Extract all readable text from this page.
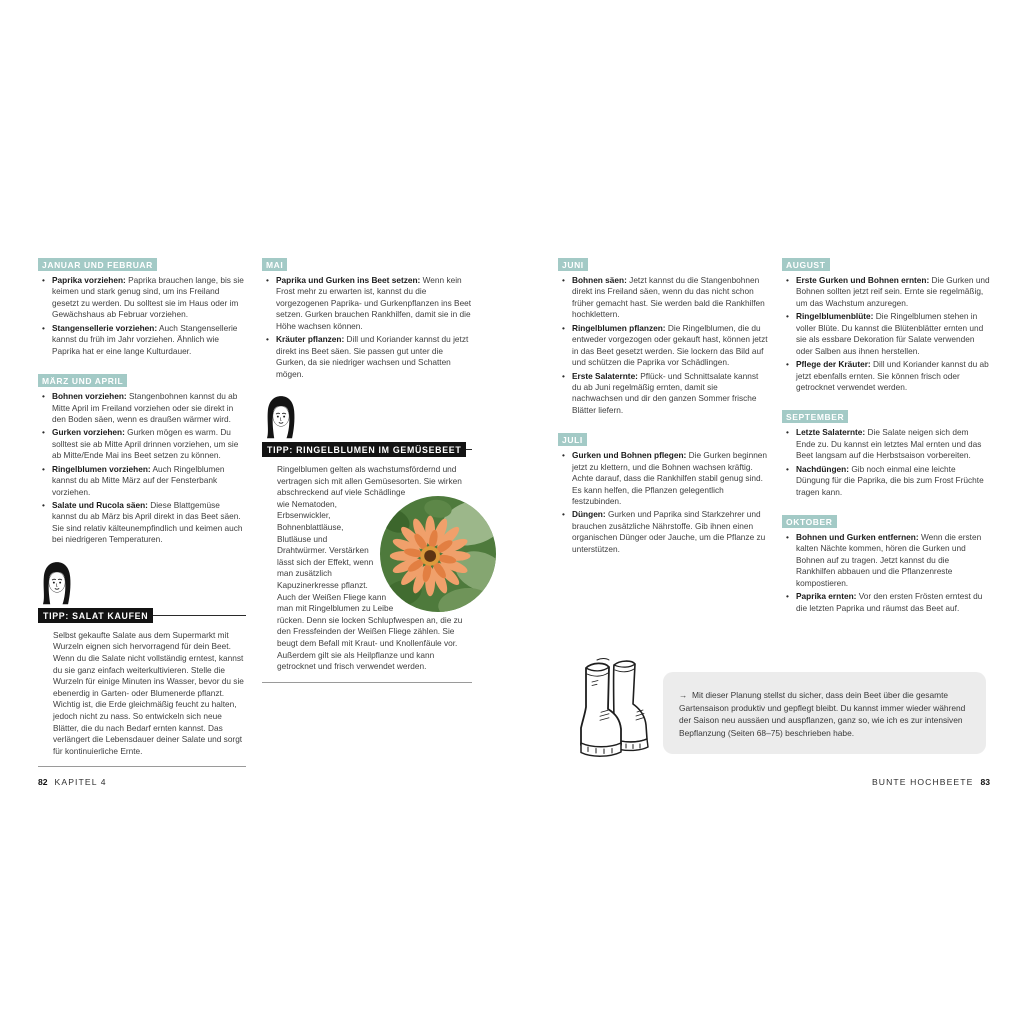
JANUAR UND FEBRUAR
• Paprika vorziehen: Paprika brauchen lange, bis sie keimen und stark genug sind, um ins Freiland gesetzt zu werden. Du solltest sie im Haus oder im Gewächshaus ab Februar vorziehen.
• Stangensellerie vorziehen: Auch Stangensellerie kannst du früh im Jahr vorziehen. Ähnlich wie Paprika hat er eine lange Kulturdauer.
MÄRZ UND APRIL
• Bohnen vorziehen: Stangenbohnen kannst du ab Mitte April im Freiland vorziehen oder sie direkt in den Boden säen, wenn es draußen wärmer wird.
• Gurken vorziehen: Gurken mögen es warm. Du solltest sie ab Mitte April drinnen vorziehen, um sie ab Mitte/Ende Mai ins Beet setzen zu können.
• Ringelblumen vorziehen: Auch Ringelblumen kannst du ab Mitte März auf der Fensterbank vorziehen.
• Salate und Rucola säen: Diese Blattgemüse kannst du ab März bis April direkt in das Beet säen. Sie sind relativ kälteunempfindlich und keimen auch bei niedrigeren Temperaturen.
TIPP: SALAT KAUFEN
Selbst gekaufte Salate aus dem Supermarkt mit Wurzeln eignen sich hervorragend für dein Beet. Wenn du die Salate nicht vollständig erntest, kannst du sie ganz einfach weiterkultivieren. Stelle die Wurzeln für einige Minuten ins Wasser, bevor du sie ebenerdig in Garten- oder Blumenerde pflanzt. Wichtig ist, die Erde gleichmäßig feucht zu halten, jedoch nicht zu nass. So entwickeln sich neue Blätter, die du nach Bedarf ernten kannst. Das verlängert die Lebensdauer deiner Salate und sorgt für kontinuierliche Ernte.
MAI
• Paprika und Gurken ins Beet setzen: Wenn kein Frost mehr zu erwarten ist, kannst du die vorgezogenen Paprika- und Gurkenpflanzen ins Beet setzen. Gurken brauchen Rankhilfen, damit sie in die Höhe wachsen können.
• Kräuter pflanzen: Dill und Koriander kannst du jetzt direkt ins Beet säen. Sie passen gut unter die Gurken, da sie niedriger wachsen und Schatten mögen.
TIPP: RINGELBLUMEN IM GEMÜSEBEET
Ringelblumen gelten als wachstumsfördernd und vertragen sich mit allen Gemüsesorten. Sie wirken abschreckend auf viele Schädlinge wie Nematoden, Erbsenwickler, Bohnenblattläuse, Blutläuse und Drahtwürmer. Verstärken lässt sich der Effekt, wenn man zusätzlich Kapuzinerkresse pflanzt. Auch der Weißen Fliege kann man mit Ringelblumen zu Leibe rücken. Denn sie locken Schlupfwespen an, die zu den Fressfeinden der Weißen Fliege zählen. Sie beugt dem Befall mit Kraut- und Knollenfäule vor. Außerdem gilt sie als Heilpflanze und kann getrocknet und frisch verwendet werden.
JUNI
• Bohnen säen: Jetzt kannst du die Stangenbohnen direkt ins Freiland säen, wenn du das nicht schon früher gemacht hast. Sie werden bald die Rankhilfen hochklettern.
• Ringelblumen pflanzen: Die Ringelblumen, die du entweder vorgezogen oder gekauft hast, können jetzt in das Beet gesetzt werden. Sie lockern das Bild auf und schützen die Paprika vor Schädlingen.
• Erste Salaternte: Pflück- und Schnittsalate kannst du ab Juni regelmäßig ernten, damit sie nachwachsen und dir den ganzen Sommer frische Blätter liefern.
JULI
• Gurken und Bohnen pflegen: Die Gurken beginnen jetzt zu klettern, und die Bohnen wachsen kräftig. Achte darauf, dass die Rankhilfen stabil genug sind. Es kann helfen, die Pflanzen gelegentlich festzubinden.
• Düngen: Gurken und Paprika sind Starkzehrer und brauchen zusätzliche Nährstoffe. Gib ihnen einen organischen Dünger oder Jauche, um die Pflanze zu unterstützen.
AUGUST
• Erste Gurken und Bohnen ernten: Die Gurken und Bohnen sollten jetzt reif sein. Ernte sie regelmäßig, um das Wachstum anzuregen.
• Ringelblumenblüte: Die Ringelblumen stehen in voller Blüte. Du kannst die Blütenblätter ernten und sie als essbare Dekoration für Salate verwenden oder Salben aus ihnen herstellen.
• Pflege der Kräuter: Dill und Koriander kannst du ab jetzt ebenfalls ernten. Sie können frisch oder getrocknet verwendet werden.
SEPTEMBER
• Letzte Salaternte: Die Salate neigen sich dem Ende zu. Du kannst ein letztes Mal ernten und das Beet langsam auf die Herbstsaison vorbereiten.
• Nachdüngen: Gib noch einmal eine leichte Düngung für die Paprika, die bis zum Frost Früchte tragen kann.
OKTOBER
• Bohnen und Gurken entfernen: Wenn die ersten kalten Nächte kommen, hören die Gurken und Bohnen auf zu tragen. Jetzt kannst du die Rankhilfen abbauen und die Pflanzenreste kompostieren.
• Paprika ernten: Vor den ersten Frösten erntest du die letzten Paprika und räumst das Beet auf.
→ Mit dieser Planung stellst du sicher, dass dein Beet über die gesamte Gartensaison produktiv und gepflegt bleibt. Du kannst immer wieder während der Saison neu aussäen und auspflanzen, ganz so, wie ich es zur intensiven Bepflanzung (Seiten 68–75) beschrieben habe.
82 KAPITEL 4	BUNTE HOCHBEETE 83
